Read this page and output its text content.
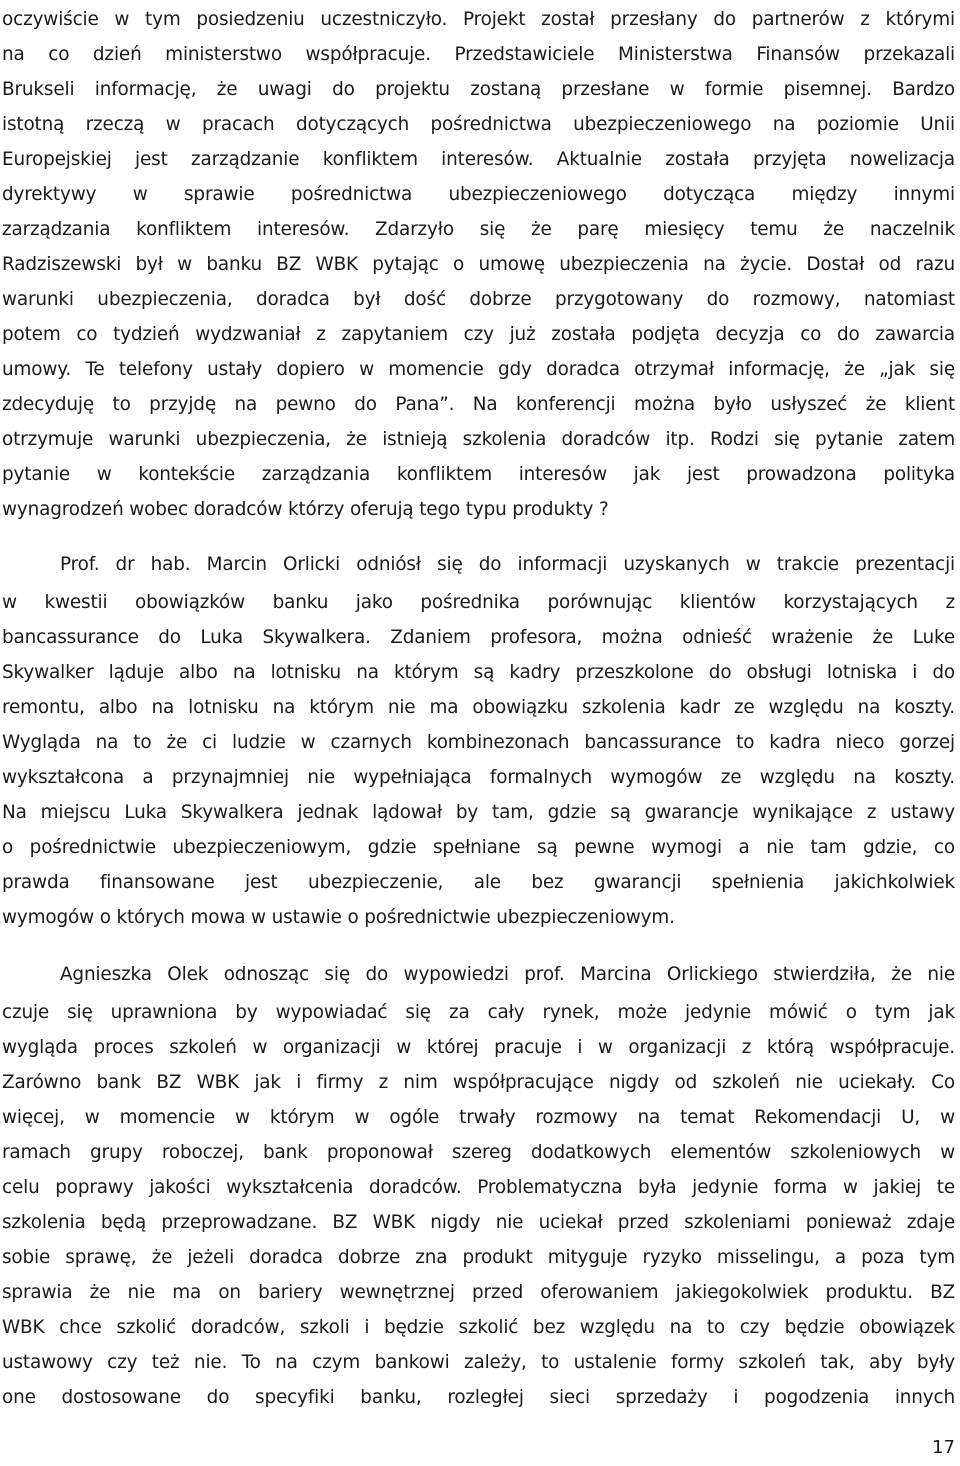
oczywiście w tym posiedzeniu uczestniczyło. Projekt został przesłany do partnerów z którymi
na co dzień ministerstwo współpracuje. Przedstawiciele Ministerstwa Finansów przekazali
Brukseli informację, że uwagi do projektu zostaną przesłane w formie pisemnej. Bardzo
istotną rzeczą w pracach dotyczących pośrednictwa ubezpieczeniowego na poziomie Unii
Europejskiej jest zarządzanie konfliktem interesów. Aktualnie została przyjęta nowelizacja
dyrektywy w sprawie pośrednictwa ubezpieczeniowego dotycząca między innymi
zarządzania konfliktem interesów. Zdarzyło się że parę miesięcy temu że naczelnik
Radziszewski był w banku BZ WBK pytając o umowę ubezpieczenia na życie. Dostał od razu
warunki ubezpieczenia, doradca był dość dobrze przygotowany do rozmowy, natomiast
potem co tydzień wydzwaniał z zapytaniem czy już została podjęta decyzja co do zawarcia
umowy. Te telefony ustały dopiero w momencie gdy doradca otrzymał informację, że „jak się
zdecyduję to przyjdę na pewno do Pana”. Na konferencji można było usłyszeć że klient
otrzymuje warunki ubezpieczenia, że istnieją szkolenia doradców itp. Rodzi się pytanie zatem
pytanie w kontekście zarządzania konfliktem interesów jak jest prowadzona polityka
wynagrodzeń wobec doradców którzy oferują tego typu produkty ?
Prof. dr hab. Marcin Orlicki odniósł się do informacji uzyskanych w trakcie prezentacji
w kwestii obowiązków banku jako pośrednika porównując klientów korzystających z
bancassurance do Luka Skywalkera. Zdaniem profesora, można odnieść wrażenie że Luke
Skywalker ląduje albo na lotnisku na którym są kadry przeszkolone do obsługi lotniska i do
remontu, albo na lotnisku na którym nie ma obowiązku szkolenia kadr ze względu na koszty.
Wygląda na to że ci ludzie w czarnych kombinezonach bancassurance to kadra nieco gorzej
wykształcona a przynajmniej nie wypełniająca formalnych wymogów ze względu na koszty.
Na miejscu Luka Skywalkera jednak lądował by tam, gdzie są gwarancje wynikające z ustawy
o pośrednictwie ubezpieczeniowym, gdzie spełniane są pewne wymogi a nie tam gdzie, co
prawda finansowane jest ubezpieczenie, ale bez gwarancji spełnienia jakichkolwiek
wymogów o których mowa w ustawie o pośrednictwie ubezpieczeniowym.
Agnieszka Olek odnosząc się do wypowiedzi prof. Marcina Orlickiego stwierdziła, że nie
czuje się uprawniona by wypowiadać się za cały rynek, może jedynie mówić o tym jak
wygląda proces szkoleń w organizacji w której pracuje i w organizacji z którą współpracuje.
Zarówno bank BZ WBK jak i firmy z nim współpracujące nigdy od szkoleń nie uciekały. Co
więcej, w momencie w którym w ogóle trwały rozmowy na temat Rekomendacji U, w
ramach grupy roboczej, bank proponował szereg dodatkowych elementów szkoleniowych w
celu poprawy jakości wykształcenia doradców. Problematyczna była jedynie forma w jakiej te
szkolenia będą przeprowadzane. BZ WBK nigdy nie uciekał przed szkoleniami ponieważ zdaje
sobie sprawę, że jeżeli doradca dobrze zna produkt mityguje ryzyko misselingu, a poza tym
sprawia że nie ma on bariery wewnętrznej przed oferowaniem jakiegokolwiek produktu. BZ
WBK chce szkolić doradców, szkoli i będzie szkolić bez względu na to czy będzie obowiązek
ustawowy czy też nie. To na czym bankowi zależy, to ustalenie formy szkoleń tak, aby były
one dostosowane do specyfiki banku, rozległej sieci sprzedaży i pogodzenia innych
17
